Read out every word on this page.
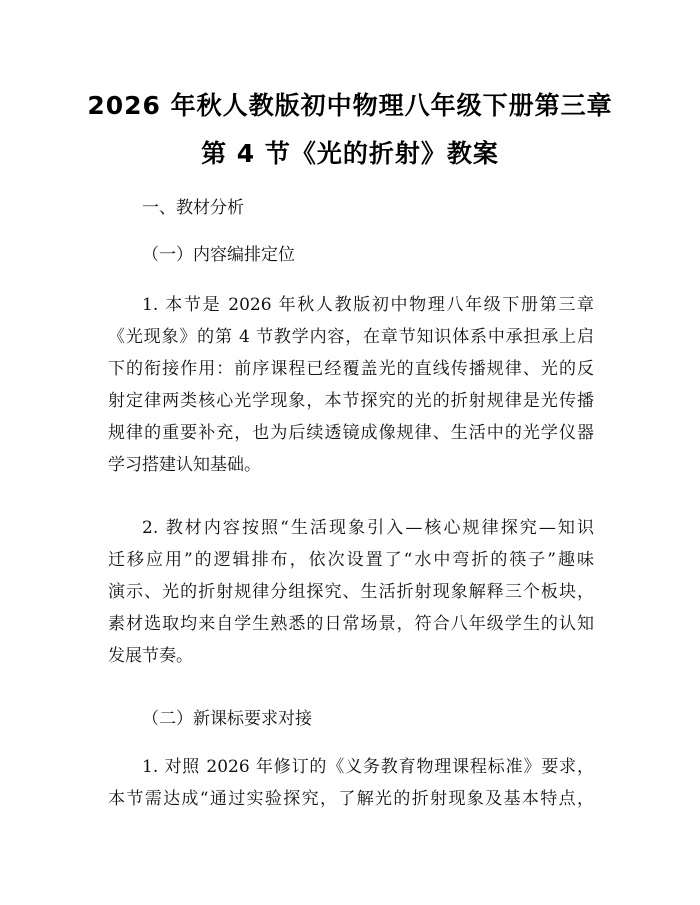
2026 年秋人教版初中物理八年级下册第三章
第 4 节《光的折射》教案
一、教材分析
（一）内容编排定位
1. 本节是 2026 年秋人教版初中物理八年级下册第三章
《光现象》的第 4 节教学内容，在章节知识体系中承担承上启
下的衔接作用：前序课程已经覆盖光的直线传播规律、光的反
射定律两类核心光学现象，本节探究的光的折射规律是光传播
规律的重要补充，也为后续透镜成像规律、生活中的光学仪器
学习搭建认知基础。
2. 教材内容按照“生活现象引入—核心规律探究—知识
迁移应用”的逻辑排布，依次设置了“水中弯折的筷子”趣味
演示、光的折射规律分组探究、生活折射现象解释三个板块，
素材选取均来自学生熟悉的日常场景，符合八年级学生的认知
发展节奏。
（二）新课标要求对接
1. 对照 2026 年修订的《义务教育物理课程标准》要求，
本节需达成“通过实验探究，了解光的折射现象及基本特点，
